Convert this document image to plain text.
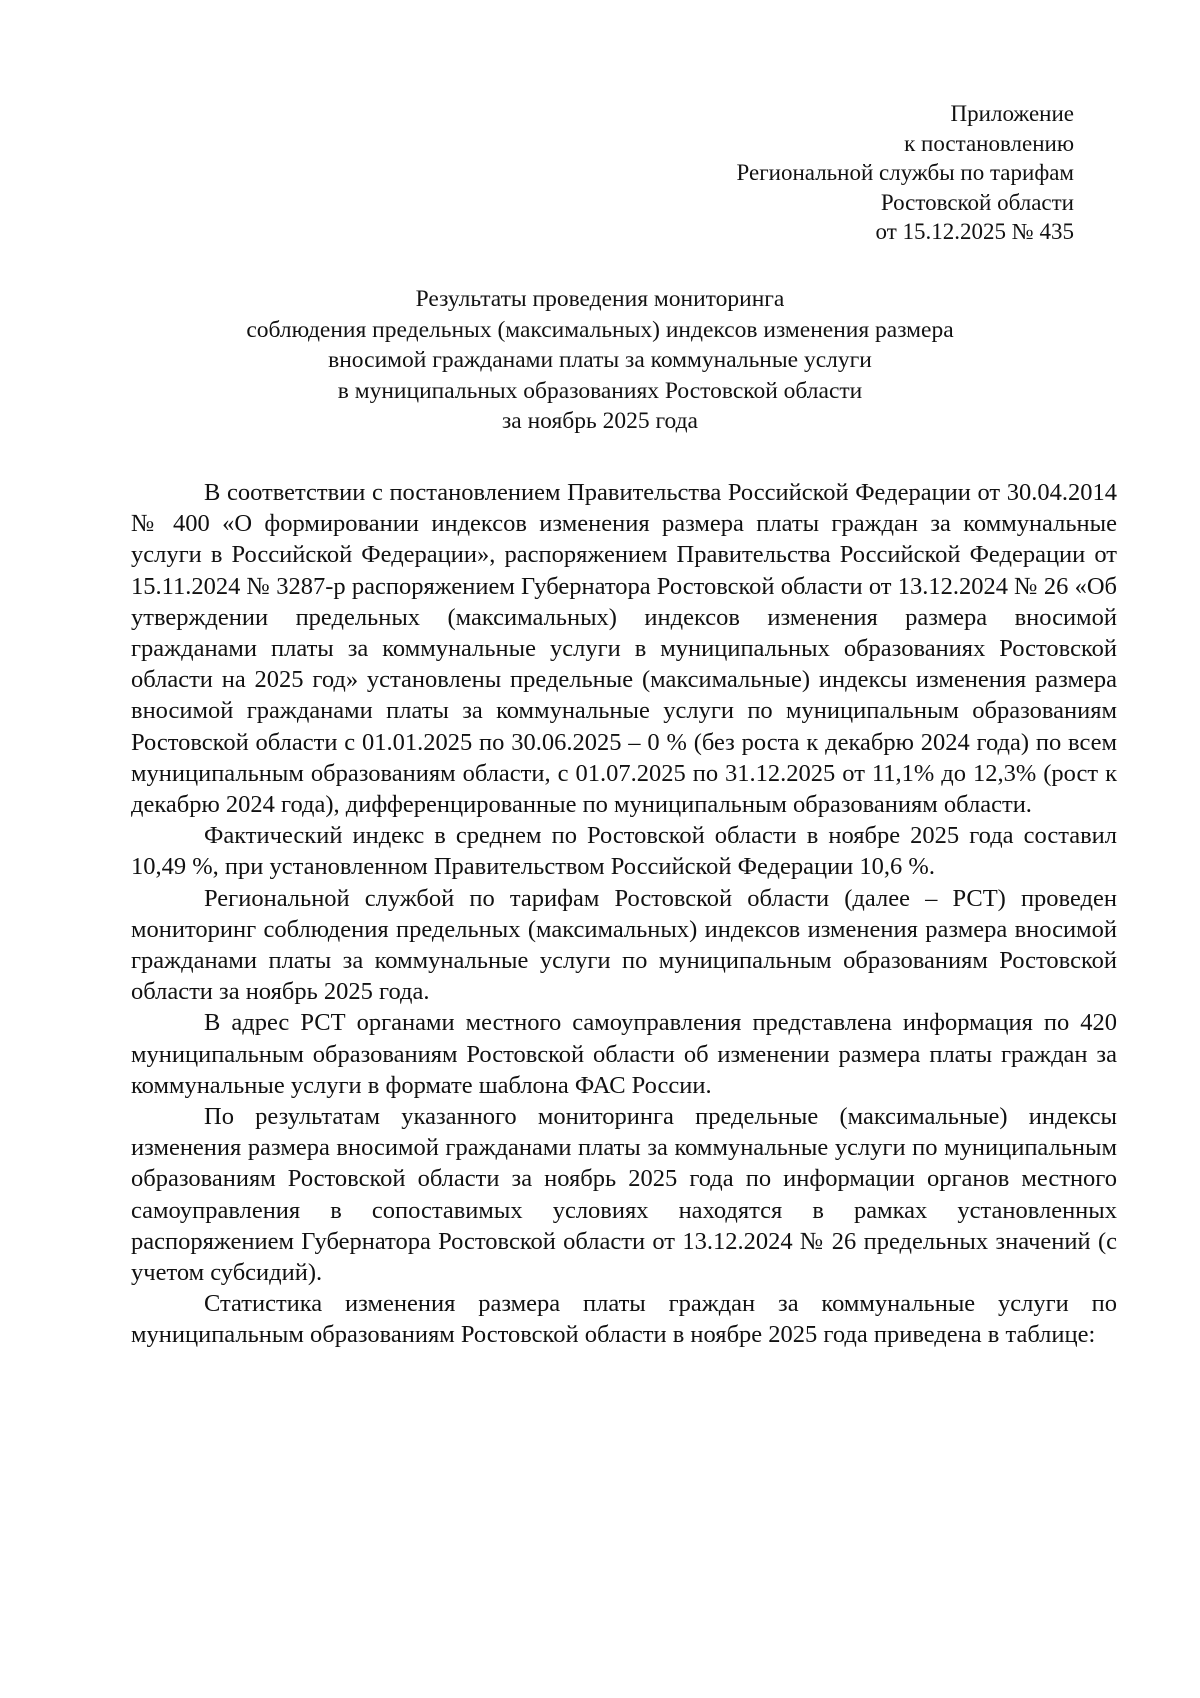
Приложение
к постановлению
Региональной службы по тарифам
Ростовской области
от 15.12.2025 № 435
Результаты проведения мониторинга
соблюдения предельных (максимальных) индексов изменения размера
вносимой гражданами платы за коммунальные услуги
в муниципальных образованиях Ростовской области
за ноябрь 2025 года

В соответствии с постановлением Правительства Российской Федерации от 30.04.2014 № 400 «О формировании индексов изменения размера платы граждан за коммунальные услуги в Российской Федерации», распоряжением Правительства Российской Федерации от 15.11.2024 № 3287-р распоряжением Губернатора Ростовской области от 13.12.2024 № 26 «Об утверждении предельных (максимальных) индексов изменения размера вносимой гражданами платы за коммунальные услуги в муниципальных образованиях Ростовской области на 2025 год» установлены предельные (максимальные) индексы изменения размера вносимой гражданами платы за коммунальные услуги по муниципальным образованиям Ростовской области с 01.01.2025 по 30.06.2025 – 0 % (без роста к декабрю 2024 года) по всем муниципальным образованиям области, с 01.07.2025 по 31.12.2025 от 11,1% до 12,3% (рост к декабрю 2024 года), дифференцированные по муниципальным образованиям области.

Фактический индекс в среднем по Ростовской области в ноябре 2025 года составил 10,49 %, при установленном Правительством Российской Федерации 10,6 %.

Региональной службой по тарифам Ростовской области (далее – РСТ) проведен мониторинг соблюдения предельных (максимальных) индексов изменения размера вносимой гражданами платы за коммунальные услуги по муниципальным образованиям Ростовской области за ноябрь 2025 года.

В адрес РСТ органами местного самоуправления представлена информация по 420 муниципальным образованиям Ростовской области об изменении размера платы граждан за коммунальные услуги в формате шаблона ФАС России.

По результатам указанного мониторинга предельные (максимальные) индексы изменения размера вносимой гражданами платы за коммунальные услуги по муниципальным образованиям Ростовской области за ноябрь 2025 года по информации органов местного самоуправления в сопоставимых условиях находятся в рамках установленных распоряжением Губернатора Ростовской области от 13.12.2024 № 26 предельных значений (с учетом субсидий).

Статистика изменения размера платы граждан за коммунальные услуги по муниципальным образованиям Ростовской области в ноябре 2025 года приведена в таблице:
